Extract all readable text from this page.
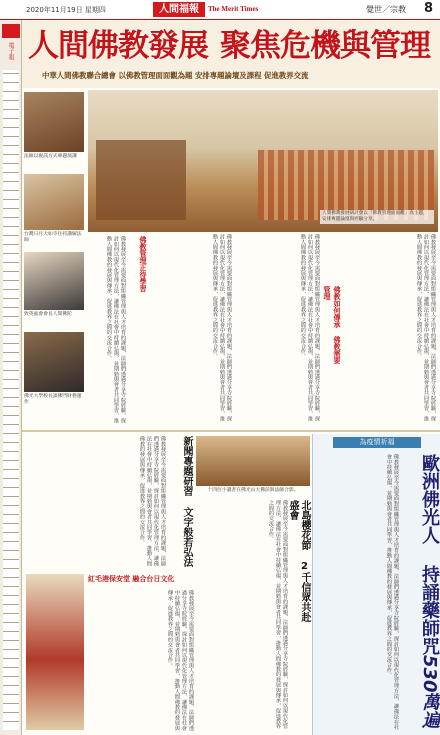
2020年11月19日 星期四	人間福報	The Merit Times	覺世／宗教 8
電子報 人間佛教發展 聚焦危機與管理
中華人間佛教聯合總會 以佛教管理面面觀為題 安排專題論壇及課程 促進教界交流
法師以視訊方式專題演講
台灣日月大如寺住持講解法師
致英面會會長人間佛陀
佛光大學校長談佛門財務運作
人間佛教發展研討會以「佛教管理面面觀」為主題，安排專題論壇與經驗分享。
佛教發展至今需要面對組織管理與人才培育的課題，法師們透過分享寺院經驗，探討如何以現代化管理方法，讓佛法在社會中持續弘揚，並期勉與會者共同學習，推動人間佛教的發展與傳承，促進教界之間的交流合作。
佛教如何傳承 佛教需要管理
佛教發展至今需要面對組織管理與人才培育的課題，法師們透過分享寺院經驗，探討如何以現代化管理方法，讓佛法在社會中持續弘揚，並期勉與會者共同學習，推動人間佛教的發展與傳承，促進教界之間的交流合作。
佛教發展至今需要面對組織管理與人才培育的課題，法師們透過分享寺院經驗，探討如何以現代化管理方法，讓佛法在社會中持續弘揚，並期勉與會者共同學習，推動人間佛教的發展與傳承，促進教界之間的交流合作。
佛教管理正待學習
佛教發展至今需要面對組織管理與人才培育的課題，法師們透過分享寺院經驗，探討如何以現代化管理方法，讓佛法在社會中持續弘揚，並期勉與會者共同學習，推動人間佛教的發展與傳承，促進教界之間的交流合作。
為疫情祈福
歐洲佛光人 持誦藥師咒530萬遍
佛教發展至今需要面對組織管理與人才培育的課題，法師們透過分享寺院經驗，探討如何以現代化管理方法，讓佛法在社會中持續弘揚，並期勉與會者共同學習，推動人間佛教的發展與傳承，促進教界之間的交流合作。
十四位小讀者在佛光山大佛前與法師合影。
北島櫻花節 2千信眾共赴盛會
佛教發展至今需要面對組織管理與人才培育的課題，法師們透過分享寺院經驗，探討如何以現代化管理方法，讓佛法在社會中持續弘揚，並期勉與會者共同學習，推動人間佛教的發展與傳承，促進教界之間的交流合作。
新聞專題研習 文字般若弘法
佛教發展至今需要面對組織管理與人才培育的課題，法師們透過分享寺院經驗，探討如何以現代化管理方法，讓佛法在社會中持續弘揚，並期勉與會者共同學習，推動人間佛教的發展與傳承，促進教界之間的交流合作。
紅毛港保安堂 融合台日文化
佛教發展至今需要面對組織管理與人才培育的課題，法師們透過分享寺院經驗，探討如何以現代化管理方法，讓佛法在社會中持續弘揚，並期勉與會者共同學習，推動人間佛教的發展與傳承，促進教界之間的交流合作。
